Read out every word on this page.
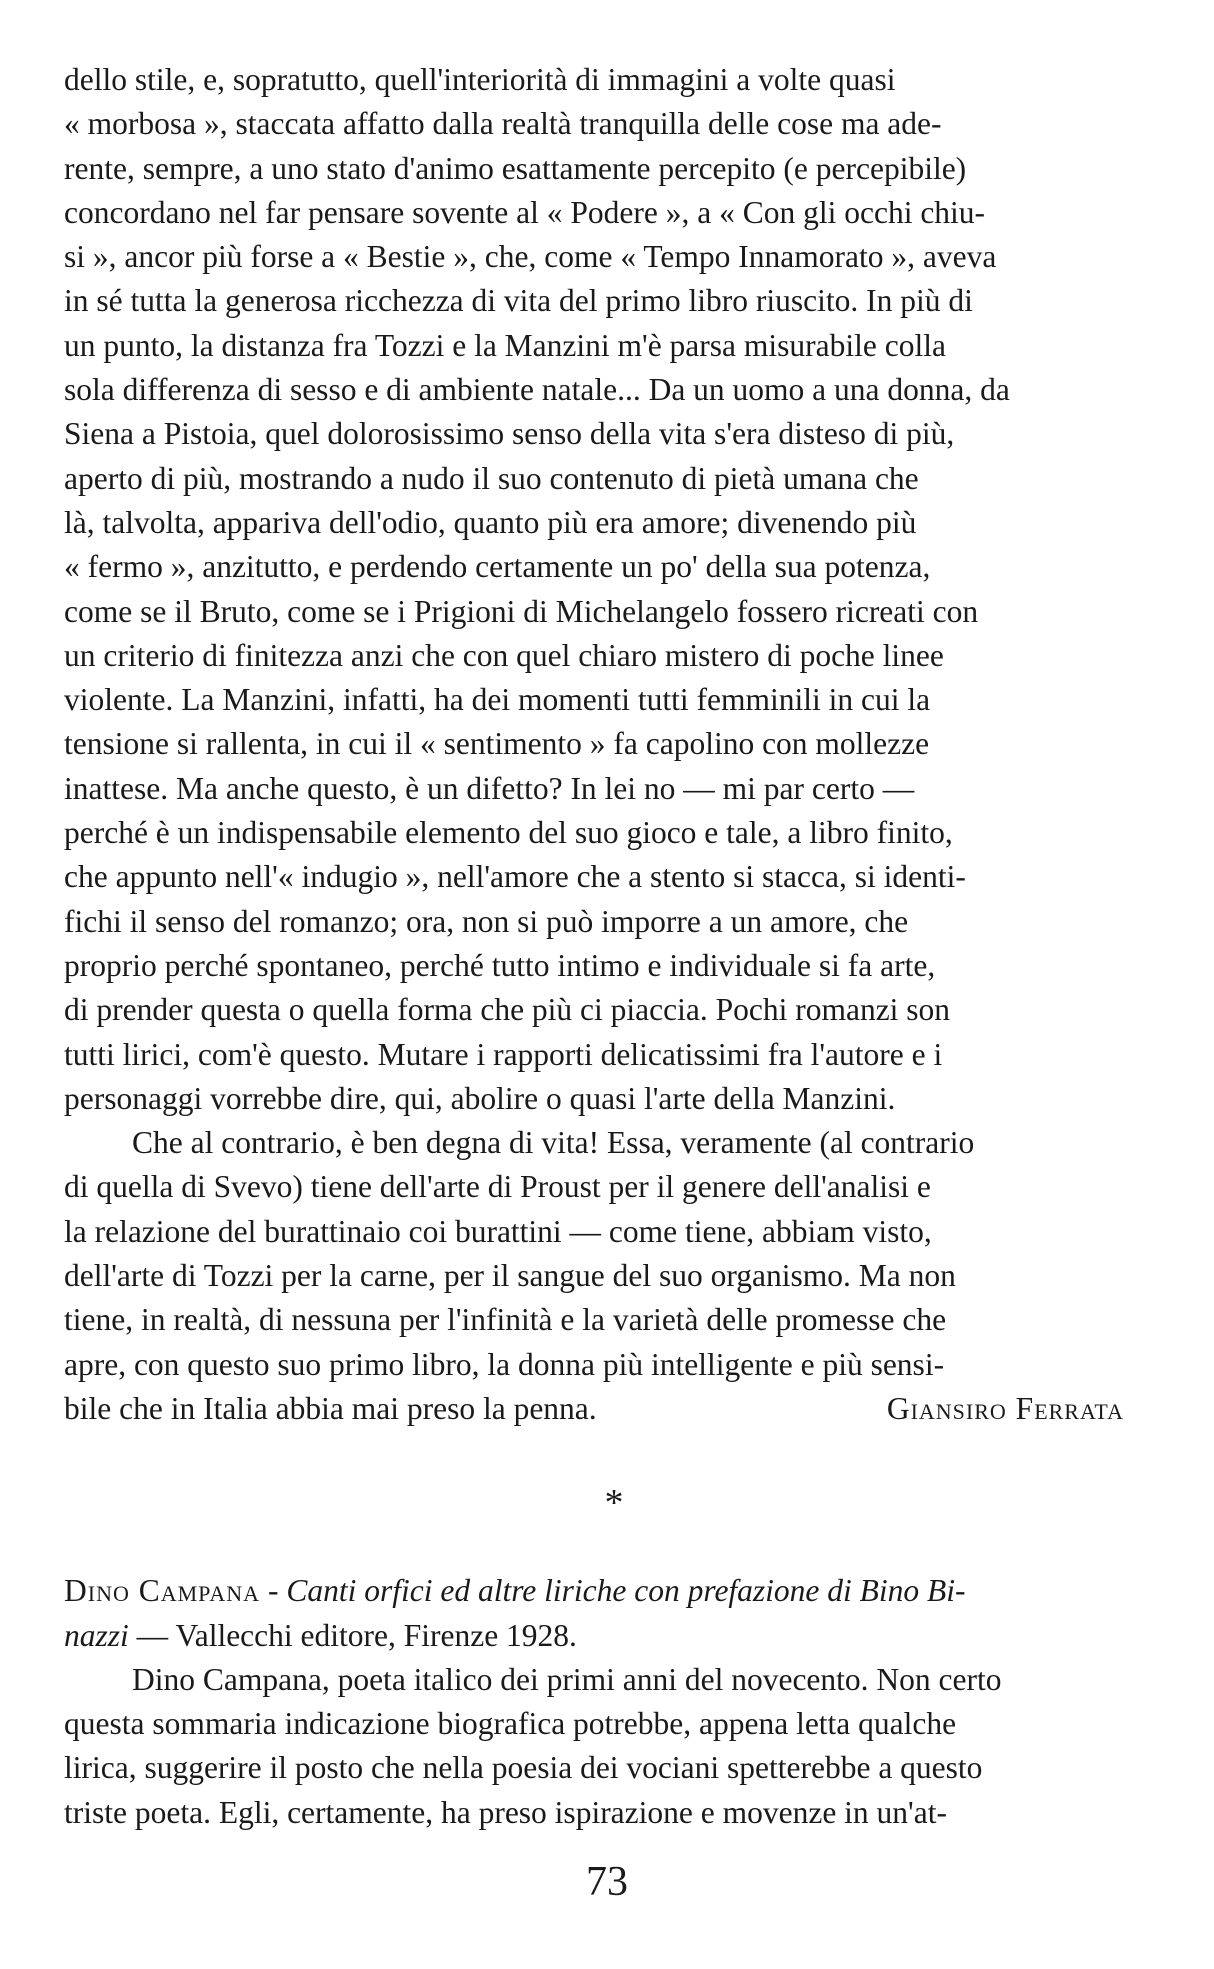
dello stile, e, sopratutto, quell'interiorità di immagini a volte quasi
« morbosa », staccata affatto dalla realtà tranquilla delle cose ma ade-
rente, sempre, a uno stato d'animo esattamente percepito (e percepibile)
concordano nel far pensare sovente al « Podere », a « Con gli occhi chiu-
si », ancor più forse a « Bestie », che, come « Tempo Innamorato », aveva
in sé tutta la generosa ricchezza di vita del primo libro riuscito. In più di
un punto, la distanza fra Tozzi e la Manzini m'è parsa misurabile colla
sola differenza di sesso e di ambiente natale... Da un uomo a una donna, da
Siena a Pistoia, quel dolorosissimo senso della vita s'era disteso di più,
aperto di più, mostrando a nudo il suo contenuto di pietà umana che
là, talvolta, appariva dell'odio, quanto più era amore; divenendo più
« fermo », anzitutto, e perdendo certamente un po' della sua potenza,
come se il Bruto, come se i Prigioni di Michelangelo fossero ricreati con
un criterio di finitezza anzi che con quel chiaro mistero di poche linee
violente. La Manzini, infatti, ha dei momenti tutti femminili in cui la
tensione si rallenta, in cui il « sentimento » fa capolino con mollezze
inattese. Ma anche questo, è un difetto? In lei no — mi par certo —
perché è un indispensabile elemento del suo gioco e tale, a libro finito,
che appunto nell'« indugio », nell'amore che a stento si stacca, si identi-
fichi il senso del romanzo; ora, non si può imporre a un amore, che
proprio perché spontaneo, perché tutto intimo e individuale si fa arte,
di prender questa o quella forma che più ci piaccia. Pochi romanzi son
tutti lirici, com'è questo. Mutare i rapporti delicatissimi fra l'autore e i
personaggi vorrebbe dire, qui, abolire o quasi l'arte della Manzini.
Che al contrario, è ben degna di vita! Essa, veramente (al contrario
di quella di Svevo) tiene dell'arte di Proust per il genere dell'analisi e
la relazione del burattinaio coi burattini — come tiene, abbiam visto,
dell'arte di Tozzi per la carne, per il sangue del suo organismo. Ma non
tiene, in realtà, di nessuna per l'infinità e la varietà delle promesse che
apre, con questo suo primo libro, la donna più intelligente e più sensi-
bile che in Italia abbia mai preso la penna.	Giansiro Ferrata
*
Dino Campana - Canti orfici ed altre liriche con prefazione di Bino Bi-
nazzi — Vallecchi editore, Firenze 1928.
Dino Campana, poeta italico dei primi anni del novecento. Non certo
questa sommaria indicazione biografica potrebbe, appena letta qualche
lirica, suggerire il posto che nella poesia dei vociani spetterebbe a questo
triste poeta. Egli, certamente, ha preso ispirazione e movenze in un'at-
73
